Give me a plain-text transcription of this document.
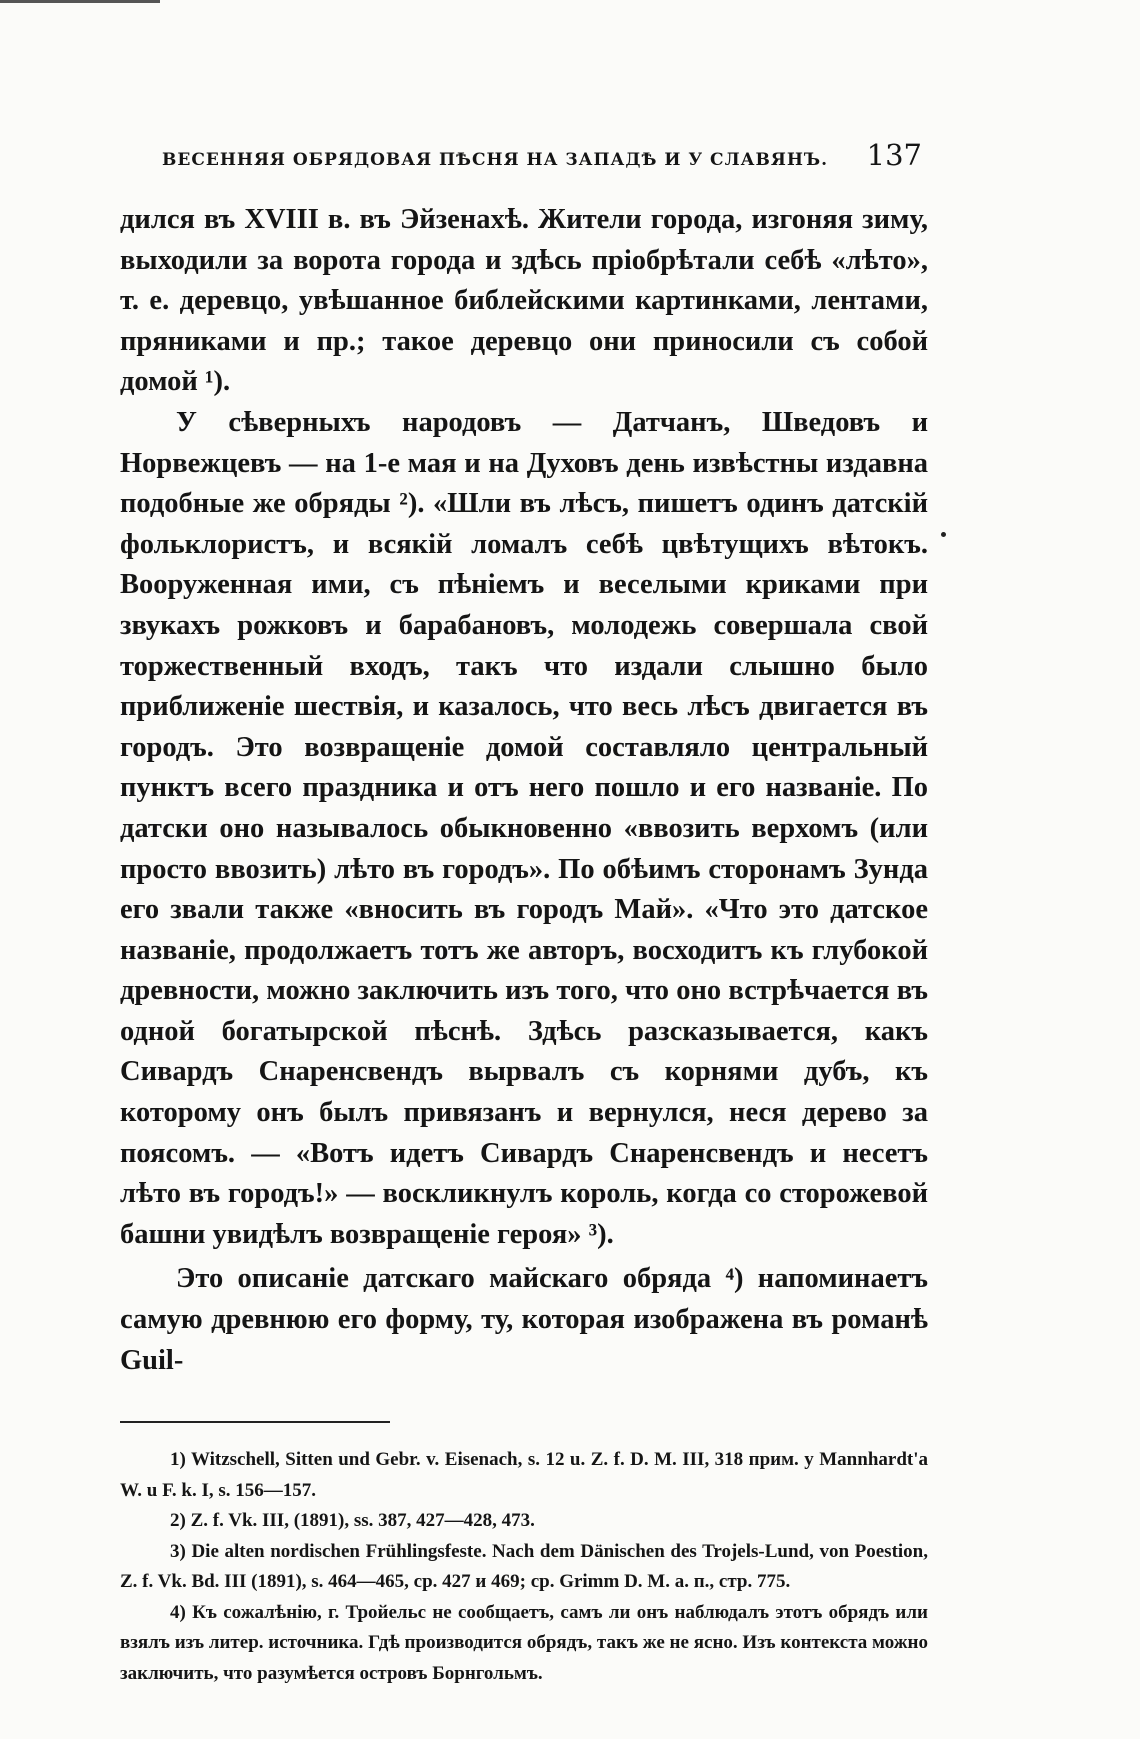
ВЕСЕННЯЯ ОБРЯДОВАЯ ПѢСНЯ НА ЗАПАДѢ И У СЛАВЯНЪ. 137

дился въ XVIII в. въ Эйзенахѣ. Жители города, изгоняя зиму, выходили за ворота города и здѣсь пріобрѣтали себѣ «лѣто», т. е. деревцо, увѣшанное библейскими картинками, лентами, пряниками и пр.; такое деревцо они приносили съ собой домой ¹).

У сѣверныхъ народовъ — Датчанъ, Шведовъ и Норвежцевъ — на 1-е мая и на Духовъ день извѣстны издавна подобные же обряды ²). «Шли въ лѣсъ, пишетъ одинъ датскій фольклористъ, и всякій ломалъ себѣ цвѣтущихъ вѣтокъ. Вооруженная ими, съ пѣніемъ и веселыми криками при звукахъ рожковъ и барабановъ, молодежь совершала свой торжественный входъ, такъ что издали слышно было приближеніе шествія, и казалось, что весь лѣсъ двигается въ городъ. Это возвращеніе домой составляло центральный пунктъ всего праздника и отъ него пошло и его названіе. По датски оно называлось обыкновенно «ввозить верхомъ (или просто ввозить) лѣто въ городъ». По обѣимъ сторонамъ Зунда его звали также «вносить въ городъ Май». «Что это датское названіе, продолжаетъ тотъ же авторъ, восходитъ къ глубокой древности, можно заключить изъ того, что оно встрѣчается въ одной богатырской пѣснѣ. Здѣсь разсказывается, какъ Сивардъ Снаренсвендъ вырвалъ съ корнями дубъ, къ которому онъ былъ привязанъ и вернулся, неся дерево за поясомъ. — «Вотъ идетъ Сивардъ Снаренсвендъ и несетъ лѣто въ городъ!» — воскликнулъ король, когда со сторожевой башни увидѣлъ возвращеніе героя» ³).

Это описаніе датскаго майскаго обряда ⁴) напоминаетъ самую древнюю его форму, ту, которая изображена въ романѣ Guil-

1) Witzschell, Sitten und Gebr. v. Eisenach, s. 12 u. Z. f. D. M. III, 318 прим. у Mannhardt'a W. u F. k. I, s. 156—157.

2) Z. f. Vk. III, (1891), ss. 387, 427—428, 473.

3) Die alten nordischen Frühlingsfeste. Nach dem Dänischen des Trojels-Lund, von Poestion, Z. f. Vk. Bd. III (1891), s. 464—465, ср. 427 и 469; ср. Grimm D. M. a. п., стр. 775.

4) Къ сожалѣнію, г. Тройельс не сообщаетъ, самъ ли онъ наблюдалъ этотъ обрядъ или взялъ изъ литер. источника. Гдѣ производится обрядъ, такъ же не ясно. Изъ контекста можно заключить, что разумѣется островъ Борнгольмъ.
